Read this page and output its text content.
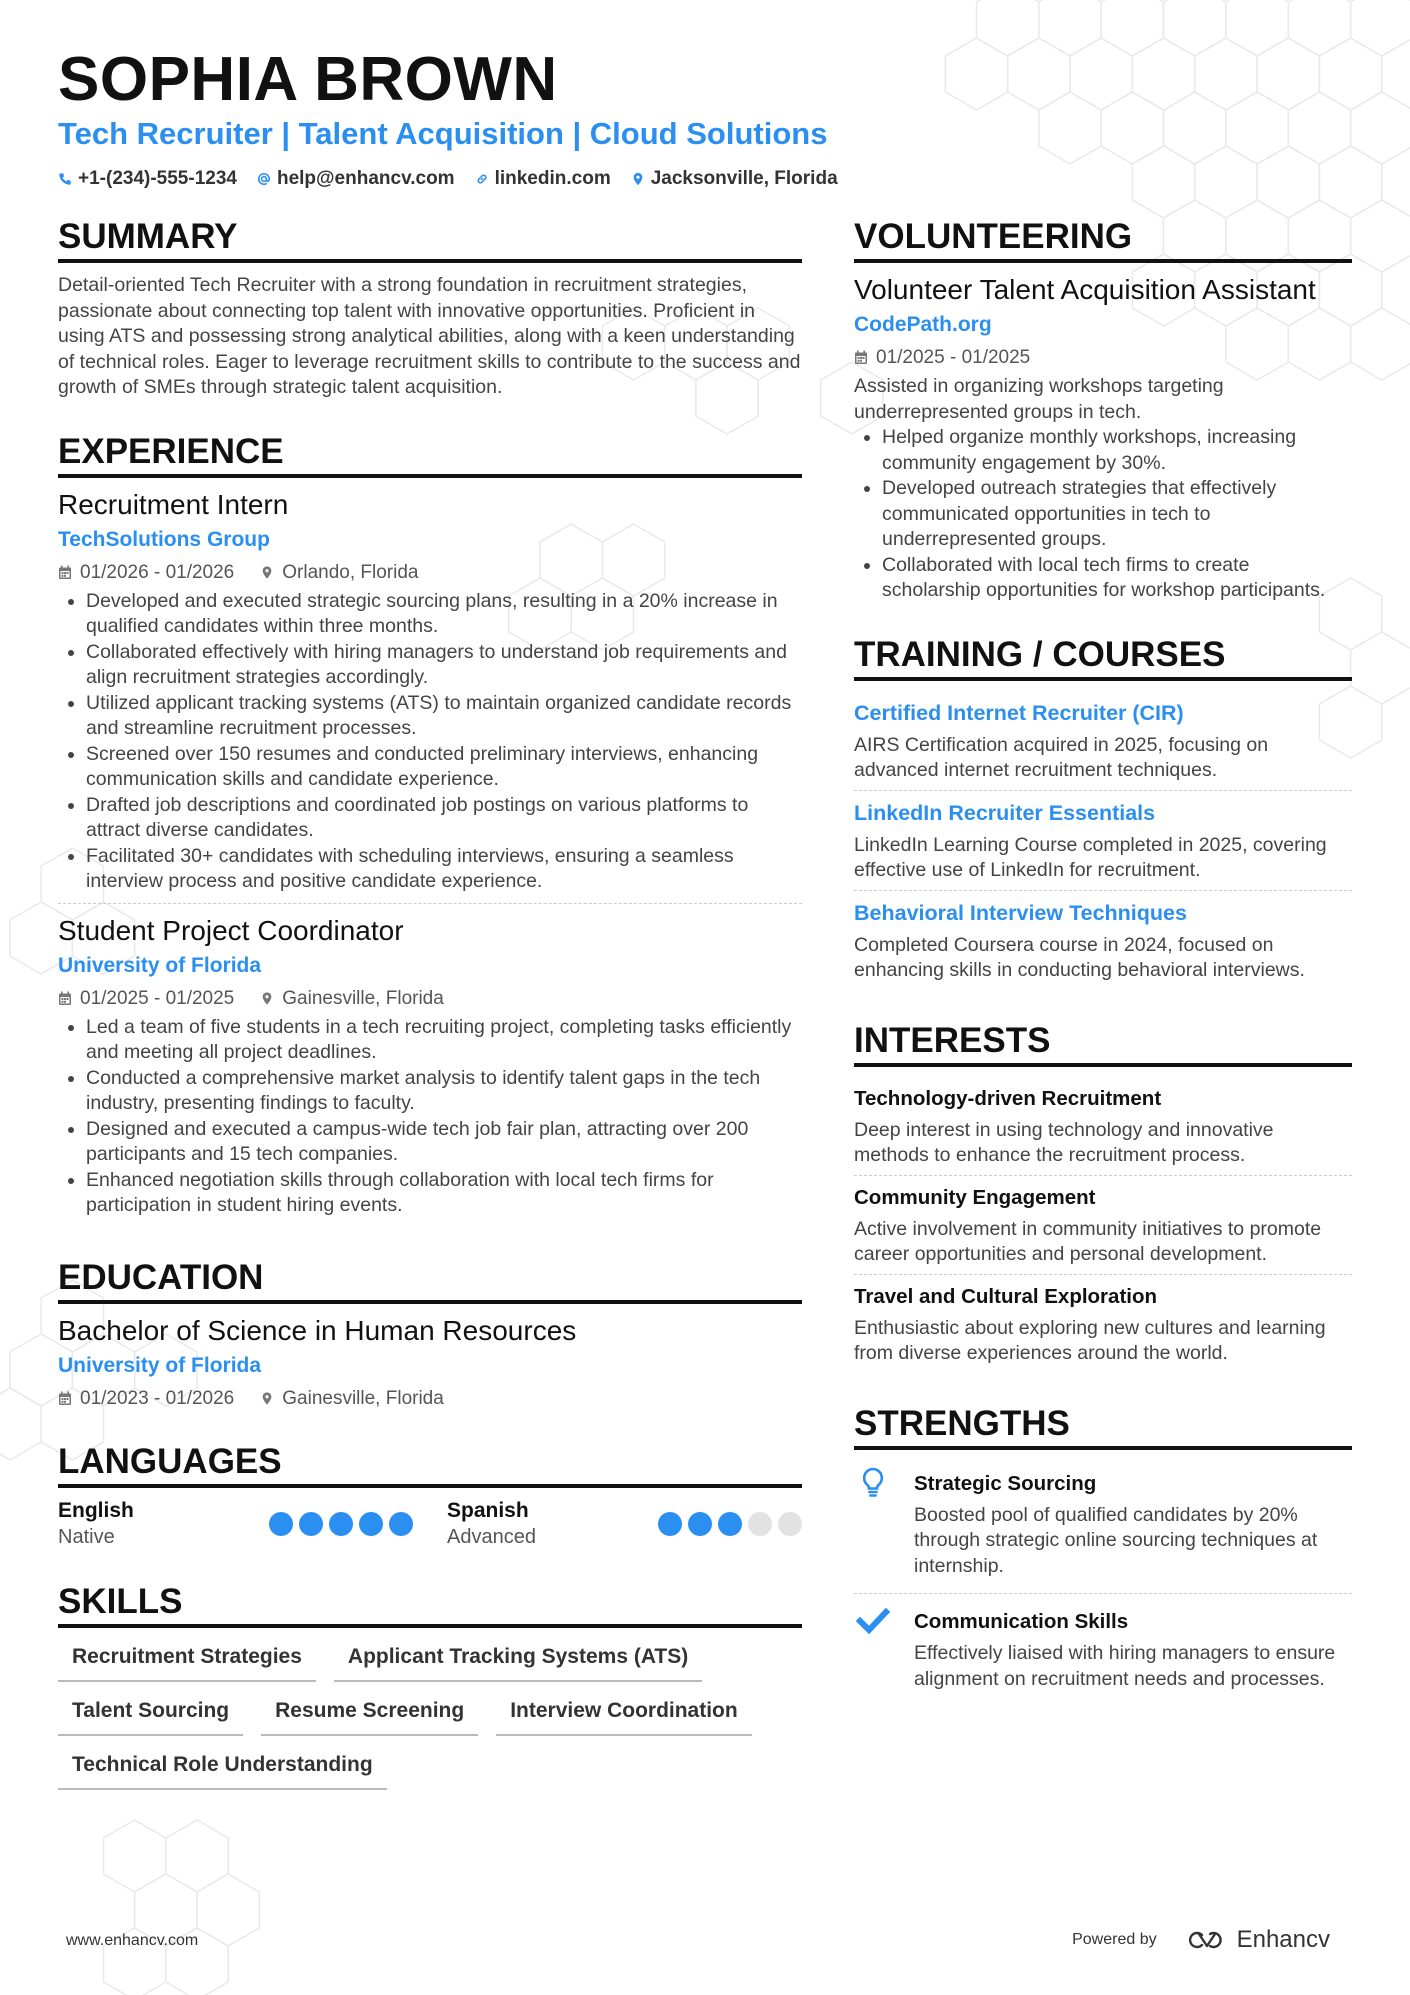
SOPHIA BROWN
Tech Recruiter | Talent Acquisition | Cloud Solutions
+1-(234)-555-1234 help@enhancv.com linkedin.com Jacksonville, Florida
SUMMARY

Detail-oriented Tech Recruiter with a strong foundation in recruitment strategies, passionate about connecting top talent with innovative opportunities. Proficient in using ATS and possessing strong analytical abilities, along with a keen understanding of technical roles. Eager to leverage recruitment skills to contribute to the success and growth of SMEs through strategic talent acquisition.

EXPERIENCE
Recruitment Intern
TechSolutions Group
01/2026 - 01/2026	Orlando, Florida
• Developed and executed strategic sourcing plans, resulting in a 20% increase in qualified candidates within three months.
• Collaborated effectively with hiring managers to understand job requirements and align recruitment strategies accordingly.
• Utilized applicant tracking systems (ATS) to maintain organized candidate records and streamline recruitment processes.
• Screened over 150 resumes and conducted preliminary interviews, enhancing communication skills and candidate experience.
• Drafted job descriptions and coordinated job postings on various platforms to attract diverse candidates.
• Facilitated 30+ candidates with scheduling interviews, ensuring a seamless interview process and positive candidate experience.
Student Project Coordinator
University of Florida
01/2025 - 01/2025	Gainesville, Florida
• Led a team of five students in a tech recruiting project, completing tasks efficiently and meeting all project deadlines.
• Conducted a comprehensive market analysis to identify talent gaps in the tech industry, presenting findings to faculty.
• Designed and executed a campus-wide tech job fair plan, attracting over 200 participants and 15 tech companies.
• Enhanced negotiation skills through collaboration with local tech firms for participation in student hiring events.
EDUCATION
Bachelor of Science in Human Resources
University of Florida
01/2023 - 01/2026	Gainesville, Florida
LANGUAGES
English
Native
Spanish
Advanced
SKILLS
Recruitment Strategies	Applicant Tracking Systems (ATS)
Talent Sourcing	Resume Screening	Interview Coordination
Technical Role Understanding
VOLUNTEERING
Volunteer Talent Acquisition Assistant
CodePath.org
01/2025 - 01/2025

Assisted in organizing workshops targeting underrepresented groups in tech.

• Helped organize monthly workshops, increasing community engagement by 30%.
• Developed outreach strategies that effectively communicated opportunities in tech to underrepresented groups.
• Collaborated with local tech firms to create scholarship opportunities for workshop participants.
TRAINING / COURSES
Certified Internet Recruiter (CIR)

AIRS Certification acquired in 2025, focusing on advanced internet recruitment techniques.

LinkedIn Recruiter Essentials

LinkedIn Learning Course completed in 2025, covering effective use of LinkedIn for recruitment.

Behavioral Interview Techniques

Completed Coursera course in 2024, focused on enhancing skills in conducting behavioral interviews.

INTERESTS
Technology-driven Recruitment

Deep interest in using technology and innovative methods to enhance the recruitment process.

Community Engagement

Active involvement in community initiatives to promote career opportunities and personal development.

Travel and Cultural Exploration

Enthusiastic about exploring new cultures and learning from diverse experiences around the world.

STRENGTHS
Strategic Sourcing

Boosted pool of qualified candidates by 20% through strategic online sourcing techniques at internship.

Communication Skills

Effectively liaised with hiring managers to ensure alignment on recruitment needs and processes.

www.enhancv.com	Powered by	Enhancv
